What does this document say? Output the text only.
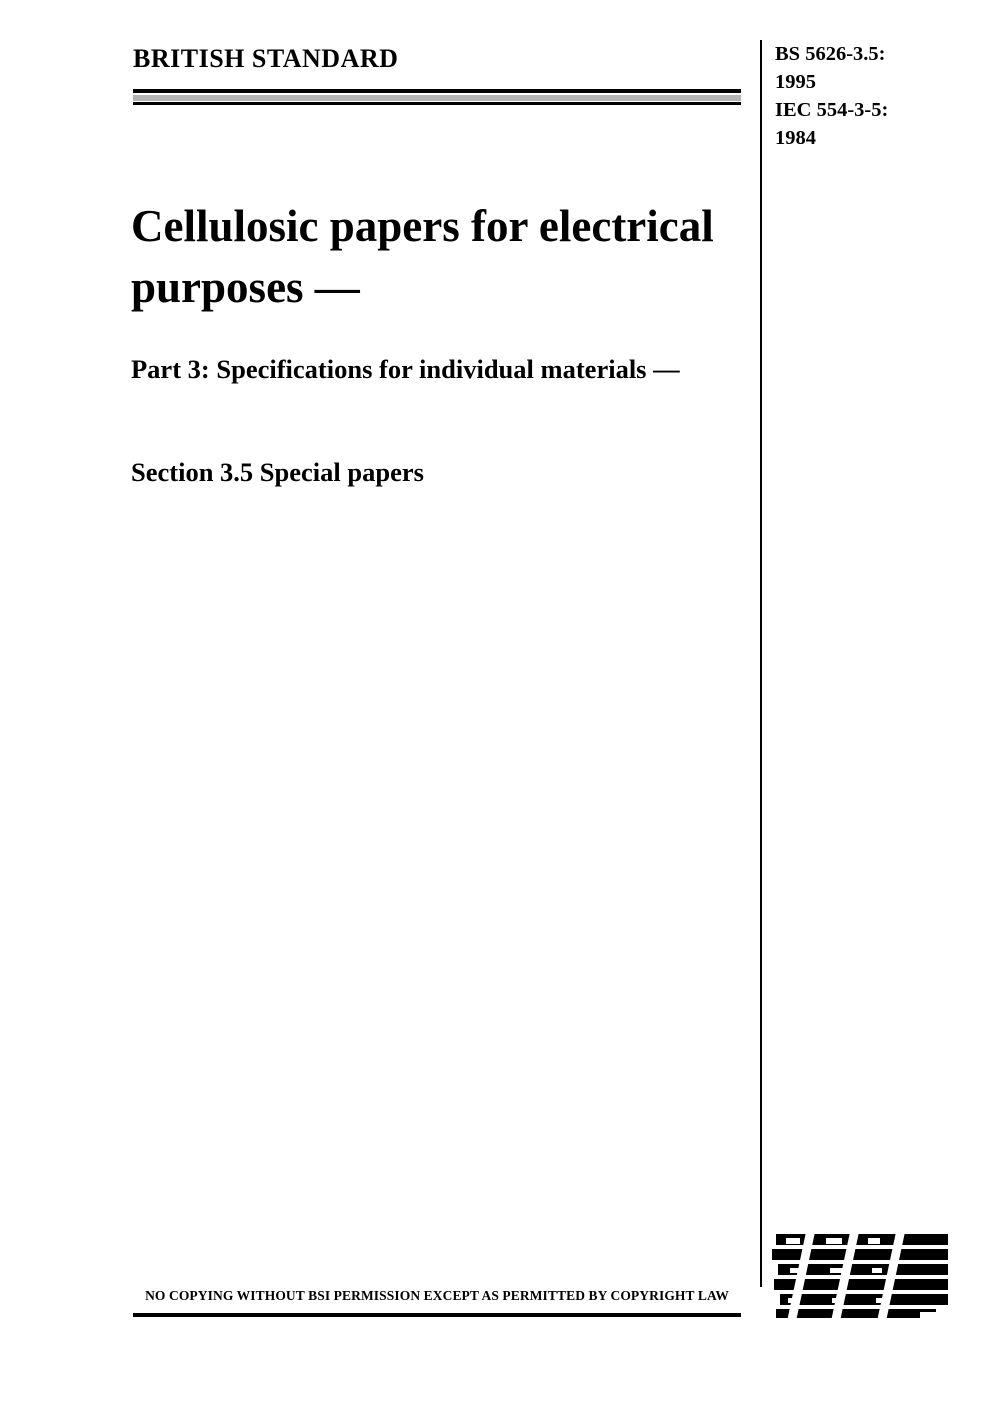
BRITISH STANDARD	BS 5626-3.5:
1995
IEC 554-3-5:
1984
Cellulosic papers for electrical purposes —
Part 3: Specifications for individual materials —
Section 3.5 Special papers
NO COPYING WITHOUT BSI PERMISSION EXCEPT AS PERMITTED BY COPYRIGHT LAW
